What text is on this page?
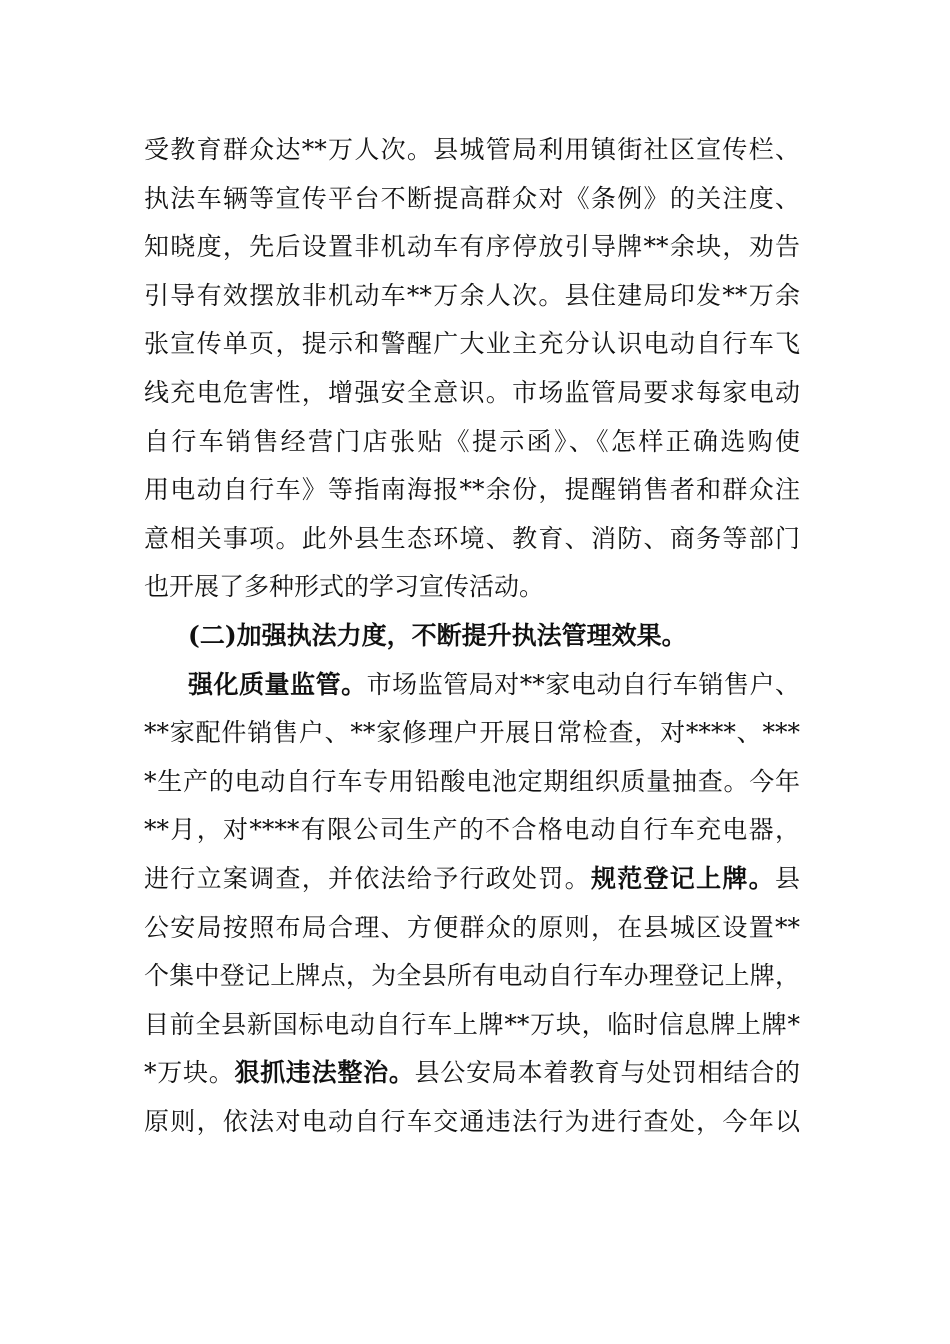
受教育群众达**万人次。县城管局利用镇街社区宣传栏、
执法车辆等宣传平台不断提高群众对《条例》的关注度、
知晓度，先后设置非机动车有序停放引导牌**余块，劝告
引导有效摆放非机动车**万余人次。县住建局印发**万余
张宣传单页，提示和警醒广大业主充分认识电动自行车飞
线充电危害性，增强安全意识。市场监管局要求每家电动
自行车销售经营门店张贴《提示函》、《怎样正确选购使
用电动自行车》等指南海报**余份，提醒销售者和群众注
意相关事项。此外县生态环境、教育、消防、商务等部门
也开展了多种形式的学习宣传活动。
(二)加强执法力度，不断提升执法管理效果。
强化质量监管。市场监管局对**家电动自行车销售户、
**家配件销售户、**家修理户开展日常检查，对****、***
*生产的电动自行车专用铅酸电池定期组织质量抽查。今年
**月，对****有限公司生产的不合格电动自行车充电器，
进行立案调查，并依法给予行政处罚。规范登记上牌。县
公安局按照布局合理、方便群众的原则，在县城区设置**
个集中登记上牌点，为全县所有电动自行车办理登记上牌，
目前全县新国标电动自行车上牌**万块，临时信息牌上牌*
*万块。狠抓违法整治。县公安局本着教育与处罚相结合的
原则，依法对电动自行车交通违法行为进行查处，今年以
